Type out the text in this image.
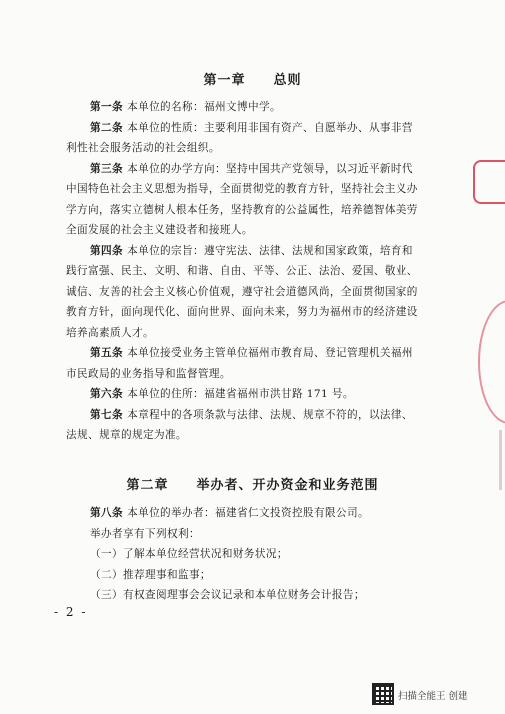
第一章　　总则
第一条 本单位的名称：福州文博中学。
第二条 本单位的性质：主要利用非国有资产、自愿举办、从事非营
利性社会服务活动的社会组织。
第三条 本单位的办学方向：坚持中国共产党领导，以习近平新时代
中国特色社会主义思想为指导，全面贯彻党的教育方针，坚持社会主义办
学方向，落实立德树人根本任务，坚持教育的公益属性，培养德智体美劳
全面发展的社会主义建设者和接班人。
第四条 本单位的宗旨：遵守宪法、法律、法规和国家政策，培育和
践行富强、民主、文明、和谐、自由、平等、公正、法治、爱国、敬业、
诚信、友善的社会主义核心价值观，遵守社会道德风尚，全面贯彻国家的
教育方针，面向现代化、面向世界、面向未来，努力为福州市的经济建设
培养高素质人才。
第五条 本单位接受业务主管单位福州市教育局、登记管理机关福州
市民政局的业务指导和监督管理。
第六条 本单位的住所：福建省福州市洪甘路 171 号。
第七条 本章程中的各项条款与法律、法规、规章不符的，以法律、
法规、规章的规定为准。
第二章　　举办者、开办资金和业务范围
第八条 本单位的举办者：福建省仁文投资控股有限公司。
举办者享有下列权利：
（一）了解本单位经营状况和财务状况；
（二）推荐理事和监事；
（三）有权查阅理事会会议记录和本单位财务会计报告；
- 2 -
扫描全能王 创建
